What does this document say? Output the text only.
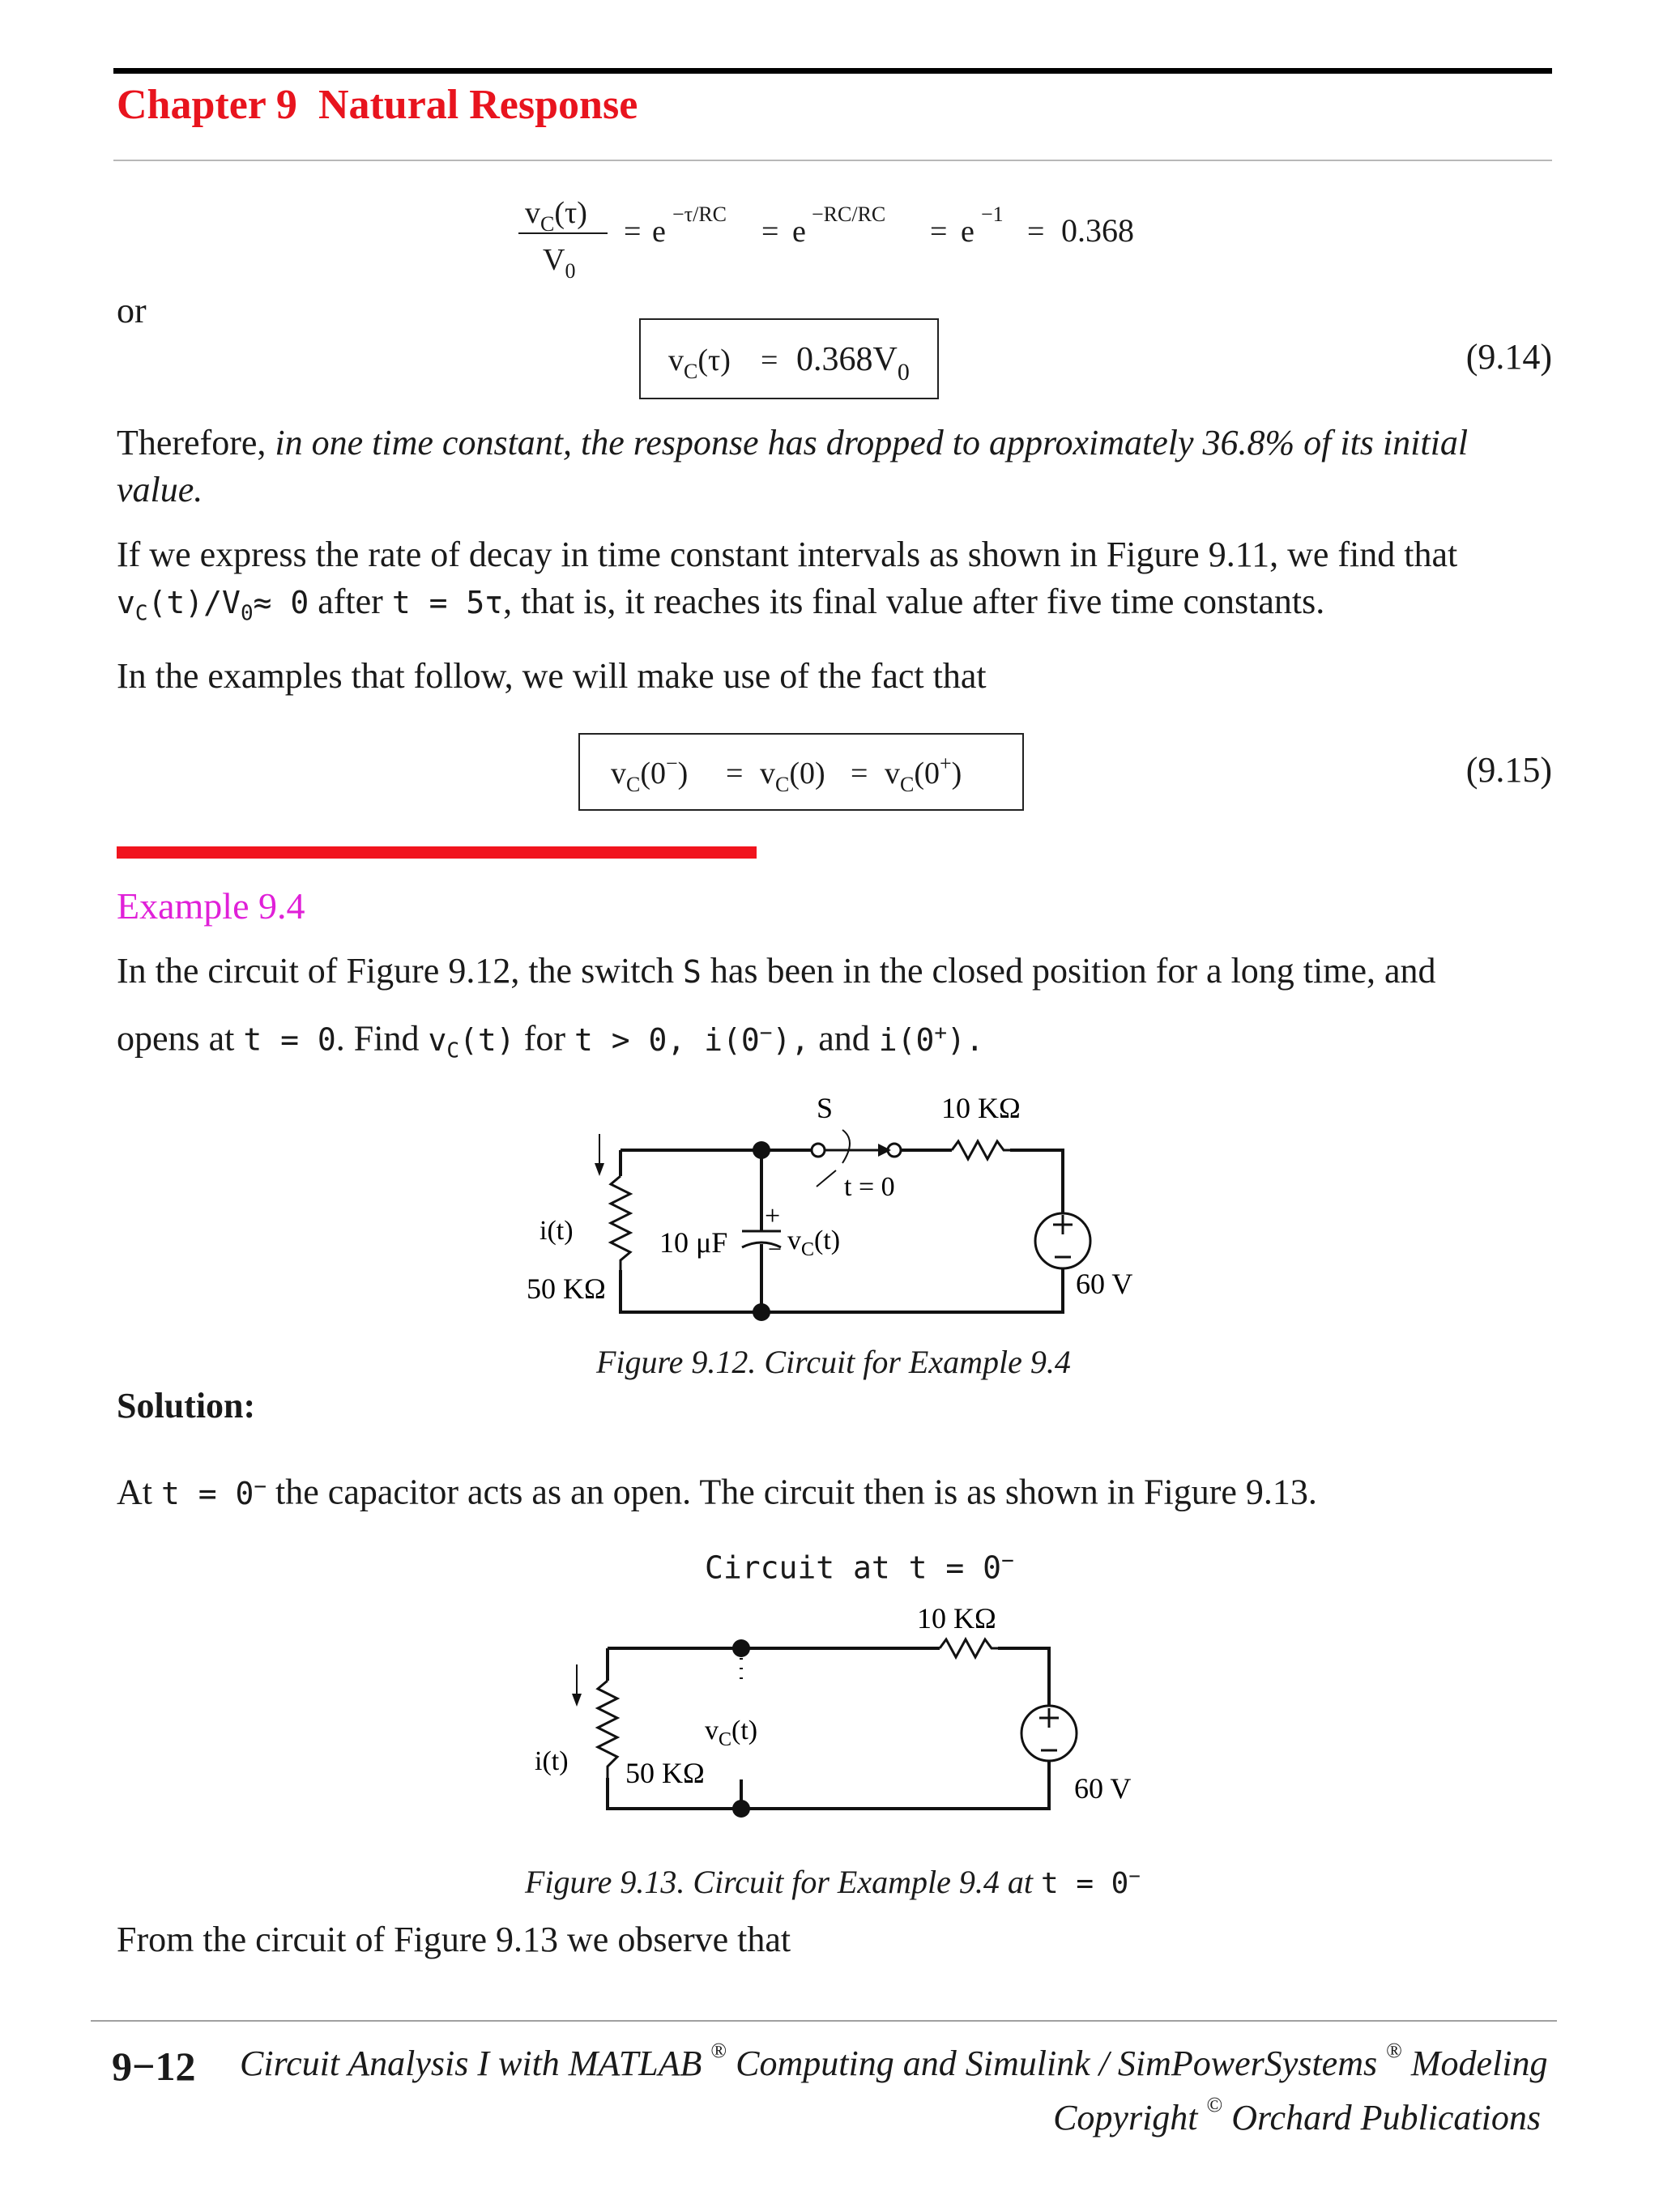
Chapter 9 Natural Response
$v_C(\tau)$
$V_0$
= e
−τ/RC
= e
−RC/RC
= e
−1
= 0.368
or
$v_C(\tau) = 0.368V_0$	(9.14)
Therefore, in one time constant, the response has dropped to approximately 36.8% of its initial value.
If we express the rate of decay in time constant intervals as shown in Figure 9.11, we find that
$v_C(t)/V_0\approx 0$ after t = 5τ, that is, it reaches its final value after five time constants.
In the examples that follow, we will make use of the fact that
$v_C(0^-) = v_C(0) = v_C(0^+)$	(9.15)
Example 9.4
In the circuit of Figure 9.12, the switch S has been in the closed position for a long time, and
opens at t = 0. Find $v_C(t)$ for t > 0, i(0−), and i(0+).
S	10 KΩ
t = 0
i(t)	10 μF
+
− $v_C(t)$
50 KΩ	60 V
Figure 9.12. Circuit for Example 9.4
Solution:
At t = 0− the capacitor acts as an open. The circuit then is as shown in Figure 9.13.
Circuit at t = 0−
10 KΩ
$v_C(t)$
i(t) 50 KΩ	60 V
Figure 9.13. Circuit for Example 9.4 at t = 0−
From the circuit of Figure 9.13 we observe that
9−12 Circuit Analysis I with MATLAB ® Computing and Simulink / SimPowerSystems ® Modeling
Copyright © Orchard Publications
